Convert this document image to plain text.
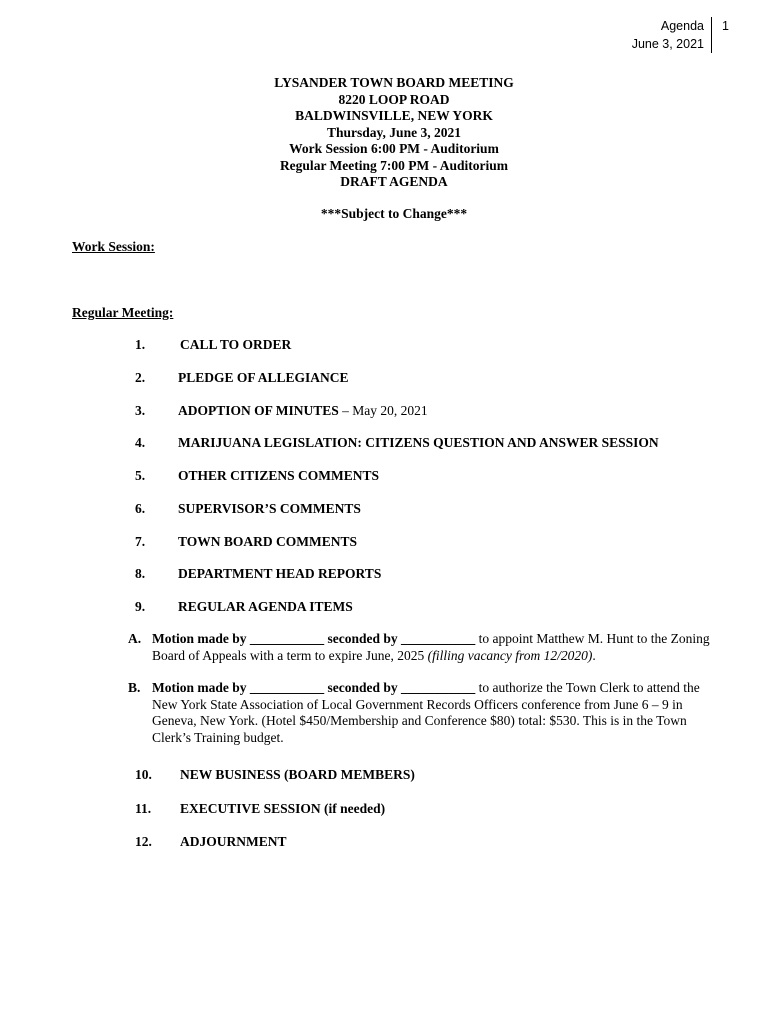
Agenda
June 3, 2021
1
LYSANDER TOWN BOARD MEETING
8220 LOOP ROAD
BALDWINSVILLE, NEW YORK
Thursday, June 3, 2021
Work Session 6:00 PM - Auditorium
Regular Meeting 7:00 PM - Auditorium
DRAFT AGENDA
***Subject to Change***
Work Session:
Regular Meeting:
1.	CALL TO ORDER
2. PLEDGE OF ALLEGIANCE
3. ADOPTION OF MINUTES – May 20, 2021
4. MARIJUANA LEGISLATION: CITIZENS QUESTION AND ANSWER SESSION
5. OTHER CITIZENS COMMENTS
6. SUPERVISOR’S COMMENTS
7. TOWN BOARD COMMENTS
8. DEPARTMENT HEAD REPORTS
9. REGULAR AGENDA ITEMS
A. Motion made by ___________ seconded by ___________ to appoint Matthew M. Hunt to the Zoning Board of Appeals with a term to expire June, 2025 (filling vacancy from 12/2020).
B. Motion made by ___________ seconded by ___________ to authorize the Town Clerk to attend the New York State Association of Local Government Records Officers conference from June 6 – 9 in Geneva, New York. (Hotel $450/Membership and Conference $80) total: $530. This is in the Town Clerk’s Training budget.
10. NEW BUSINESS (BOARD MEMBERS)
11. EXECUTIVE SESSION (if needed)
12. ADJOURNMENT
